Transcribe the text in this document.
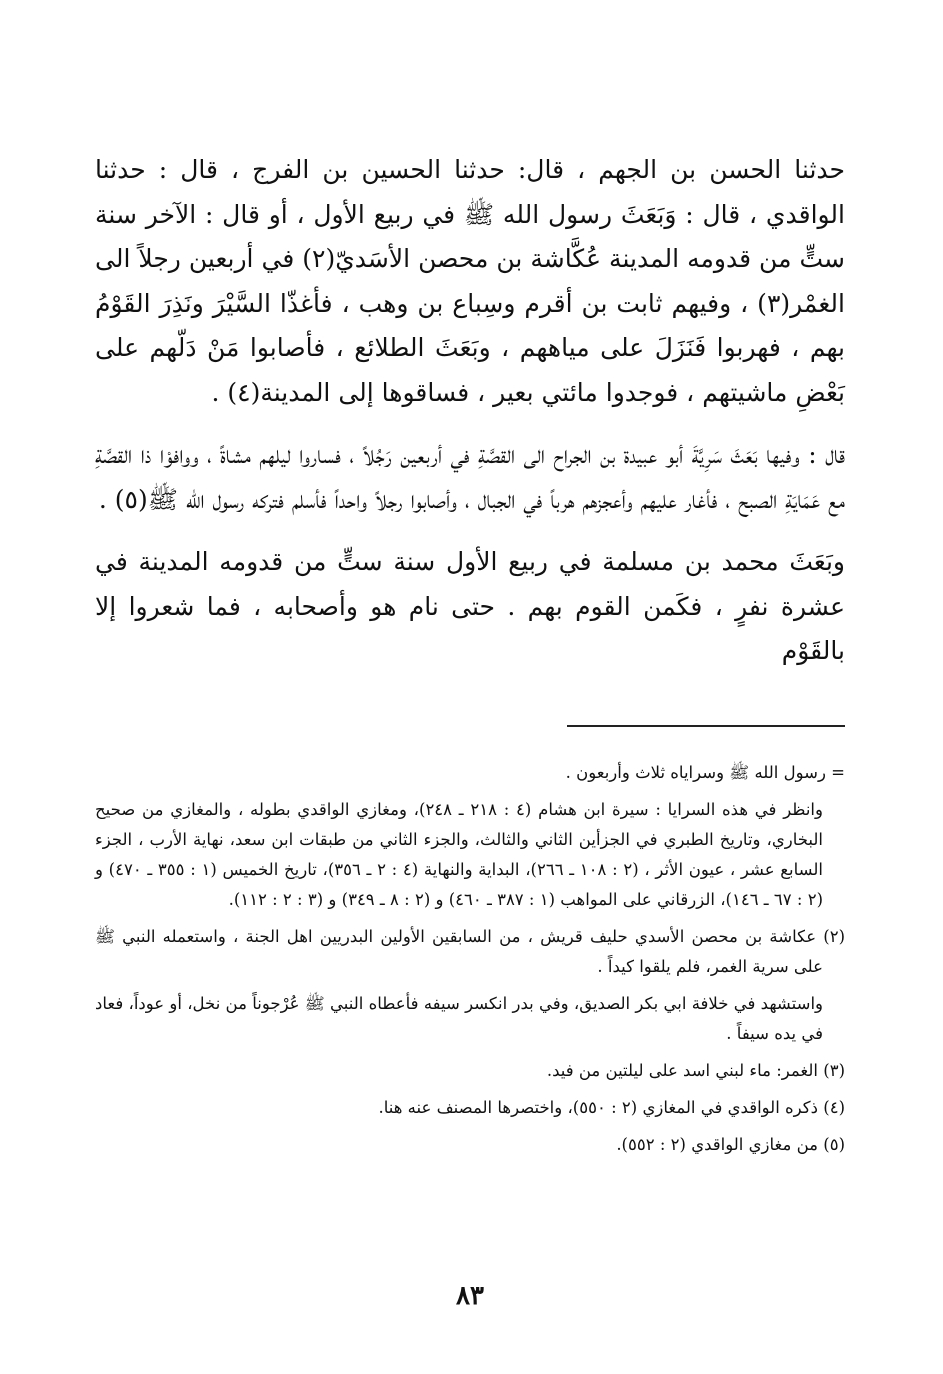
حدثنا الحسن بن الجهم ، قال: حدثنا الحسين بن الفرج ، قال : حدثنا الواقدي ، قال : وَبَعَثَ رسول الله ﷺ في ربيع الأول ، أو قال : الآخر سنة ستٍّ من قدومه المدينة عُكَّاشة بن محصن الأسَديّ(٢) في أربعين رجلاً الى الغمْر(٣) ، وفيهم ثابت بن أقرم وسِباع بن وهب ، فأغذّا السَّيْرَ ونَذِرَ القَوْمُ بهم ، فهربوا فَنَزَلَ على مياههم ، وبَعَثَ الطلائع ، فأصابوا مَنْ دَلّهم على بَعْضِ ماشيتهم ، فوجدوا مائتي بعير ، فساقوها إلى المدينة(٤) .

قال : وفيها بَعَثَ سَرِيَّةَ أبو عبيدة بن الجراح الى القصَّةِ في أربعين رَجُلاً ، فساروا ليلهم مشاةً ، ووافوْا ذا القصَّةِ مع عَمَايَةِ الصبح ، فأغار عليهم وأعجزهم هرباً في الجبال ، وأصابوا رجلاً واحداً فأسلم فتركه رسول الله ﷺ(٥) .

وبَعَثَ محمد بن مسلمة في ربيع الأول سنة ستٍّ من قدومه المدينة في عشرة نفرٍ ، فكَمن القوم بهم . حتى نام هو وأصحابه ، فما شعروا إلا بالقَوْم

= رسول الله ﷺ وسراياه ثلاث وأربعون .

وانظر في هذه السرايا : سيرة ابن هشام (٤ : ٢١٨ ـ ٢٤٨)، ومغازي الواقدي بطوله ، والمغازي من صحيح البخاري، وتاريخ الطبري في الجزأين الثاني والثالث، والجزء الثاني من طبقات ابن سعد، نهاية الأرب ، الجزء السابع عشر ، عيون الأثر ، (٢ : ١٠٨ ـ ٢٦٦)، البداية والنهاية (٤ : ٢ ـ ٣٥٦)، تاريخ الخميس (١ : ٣٥٥ ـ ٤٧٠) و (٢ : ٦٧ ـ ١٤٦)، الزرقاني على المواهب (١ : ٣٨٧ ـ ٤٦٠) و (٢ : ٨ ـ ٣٤٩) و (٣ : ٢ : ١١٢).

(٢) عكاشة بن محصن الأسدي حليف قريش ، من السابقين الأولين البدريين اهل الجنة ، واستعمله النبي ﷺ على سرية الغمر، فلم يلقوا كيداً .

واستشهد في خلافة ابي بكر الصديق، وفي بدر انكسر سيفه فأعطاه النبي ﷺ عُرْجوناً من نخل، أو عوداً، فعاد في يده سيفاً .

(٣) الغمر: ماء لبني اسد على ليلتين من فيد.

(٤) ذكره الواقدي في المغازي (٢ : ٥٥٠)، واختصرها المصنف عنه هنا.

(٥) من مغازي الواقدي (٢ : ٥٥٢).

٨٣
